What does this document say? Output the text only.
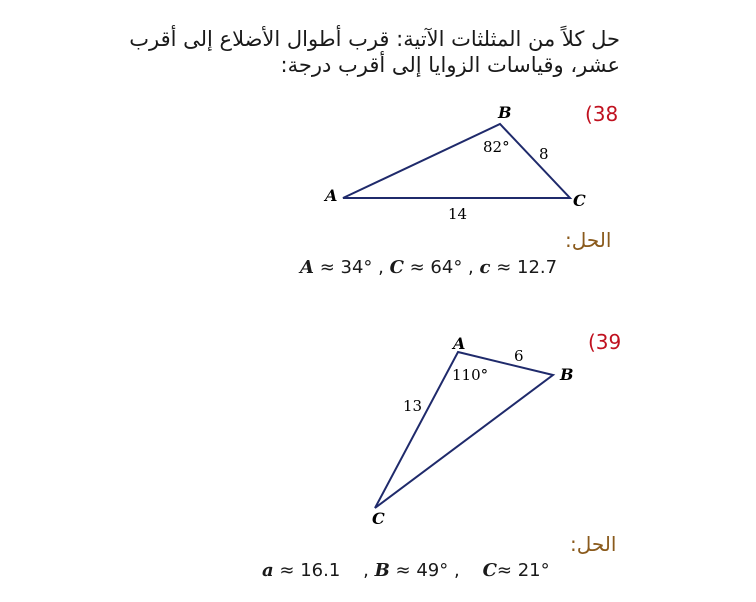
حل كلاً من المثلثات الآتية: قرب أطوال الأضلاع إلى أقرب
عشر، وقياسات الزوايا إلى أقرب درجة:
(38
A
B
C
82° 8
14
A
B
C
110°
6
13
الحل:
A ≈ 34° , C ≈ 64° , c ≈ 12.7
(39
الحل:
a ≈ 16.1    , B ≈ 49° ,    C≈ 21°
